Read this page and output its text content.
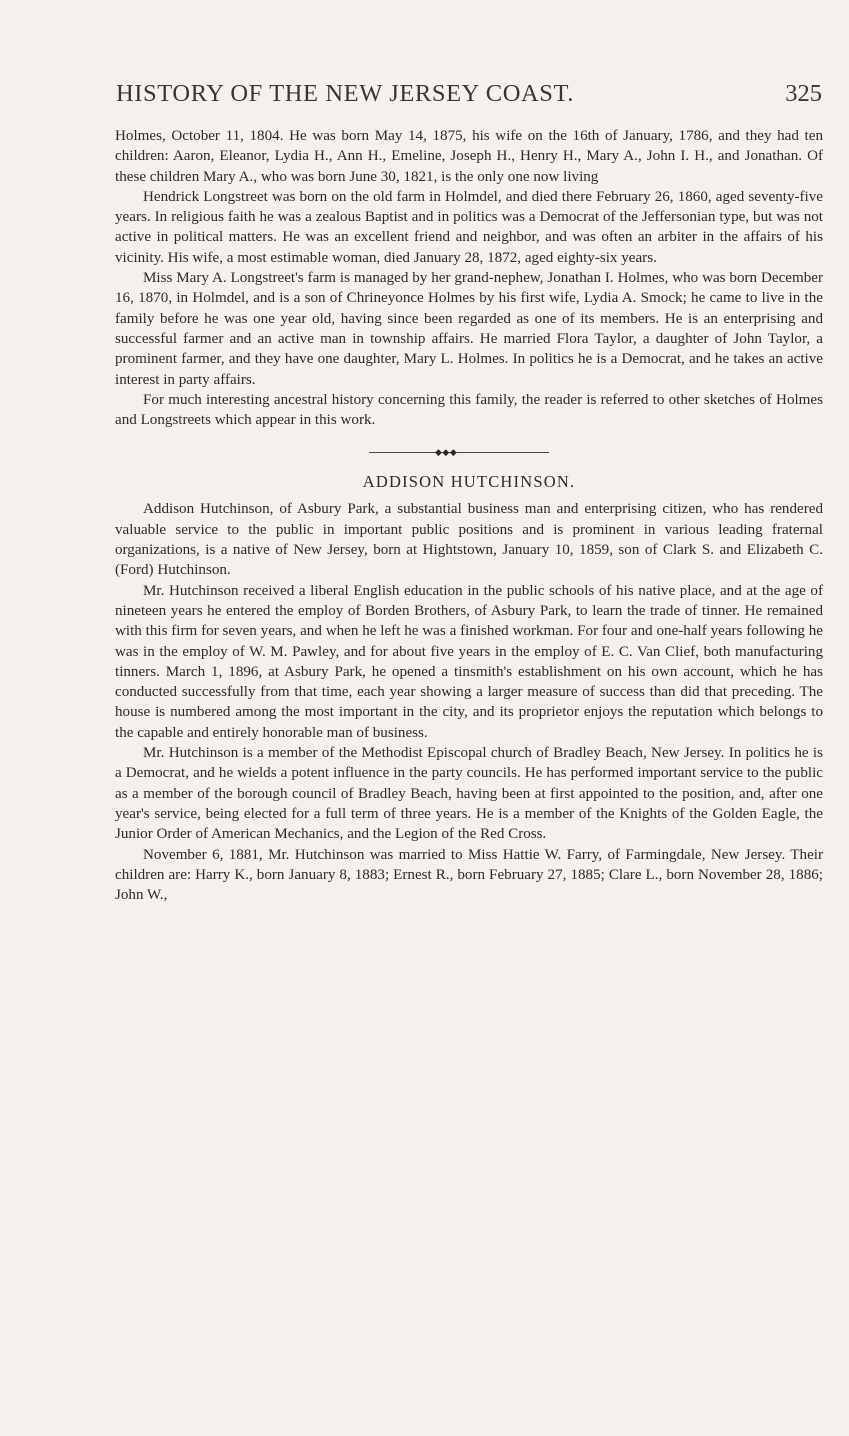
HISTORY OF THE NEW JERSEY COAST.	325

Holmes, October 11, 1804. He was born May 14, 1875, his wife on the 16th of January, 1786, and they had ten children: Aaron, Eleanor, Lydia H., Ann H., Emeline, Joseph H., Henry H., Mary A., John I. H., and Jonathan. Of these children Mary A., who was born June 30, 1821, is the only one now living

Hendrick Longstreet was born on the old farm in Holmdel, and died there February 26, 1860, aged seventy-five years. In religious faith he was a zealous Baptist and in politics was a Democrat of the Jeffersonian type, but was not active in political matters. He was an excellent friend and neighbor, and was often an arbiter in the affairs of his vicinity. His wife, a most estimable woman, died January 28, 1872, aged eighty-six years.

Miss Mary A. Longstreet's farm is managed by her grand-nephew, Jonathan I. Holmes, who was born December 16, 1870, in Holmdel, and is a son of Chrineyonce Holmes by his first wife, Lydia A. Smock; he came to live in the family before he was one year old, having since been regarded as one of its members. He is an enterprising and successful farmer and an active man in township affairs. He married Flora Taylor, a daughter of John Taylor, a prominent farmer, and they have one daughter, Mary L. Holmes. In politics he is a Democrat, and he takes an active interest in party affairs.

For much interesting ancestral history concerning this family, the reader is referred to other sketches of Holmes and Longstreets which appear in this work.

◆◆◆
ADDISON HUTCHINSON.

Addison Hutchinson, of Asbury Park, a substantial business man and enterprising citizen, who has rendered valuable service to the public in important public positions and is prominent in various leading fraternal organizations, is a native of New Jersey, born at Hightstown, January 10, 1859, son of Clark S. and Elizabeth C. (Ford) Hutchinson.

Mr. Hutchinson received a liberal English education in the public schools of his native place, and at the age of nineteen years he entered the employ of Borden Brothers, of Asbury Park, to learn the trade of tinner. He remained with this firm for seven years, and when he left he was a finished workman. For four and one-half years following he was in the employ of W. M. Pawley, and for about five years in the employ of E. C. Van Clief, both manufacturing tinners. March 1, 1896, at Asbury Park, he opened a tinsmith's establishment on his own account, which he has conducted successfully from that time, each year showing a larger measure of success than did that preceding. The house is numbered among the most important in the city, and its proprietor enjoys the reputation which belongs to the capable and entirely honorable man of business.

Mr. Hutchinson is a member of the Methodist Episcopal church of Bradley Beach, New Jersey. In politics he is a Democrat, and he wields a potent influence in the party councils. He has performed important service to the public as a member of the borough council of Bradley Beach, having been at first appointed to the position, and, after one year's service, being elected for a full term of three years. He is a member of the Knights of the Golden Eagle, the Junior Order of American Mechanics, and the Legion of the Red Cross.

November 6, 1881, Mr. Hutchinson was married to Miss Hattie W. Farry, of Farmingdale, New Jersey. Their children are: Harry K., born January 8, 1883; Ernest R., born February 27, 1885; Clare L., born November 28, 1886; John W.,
